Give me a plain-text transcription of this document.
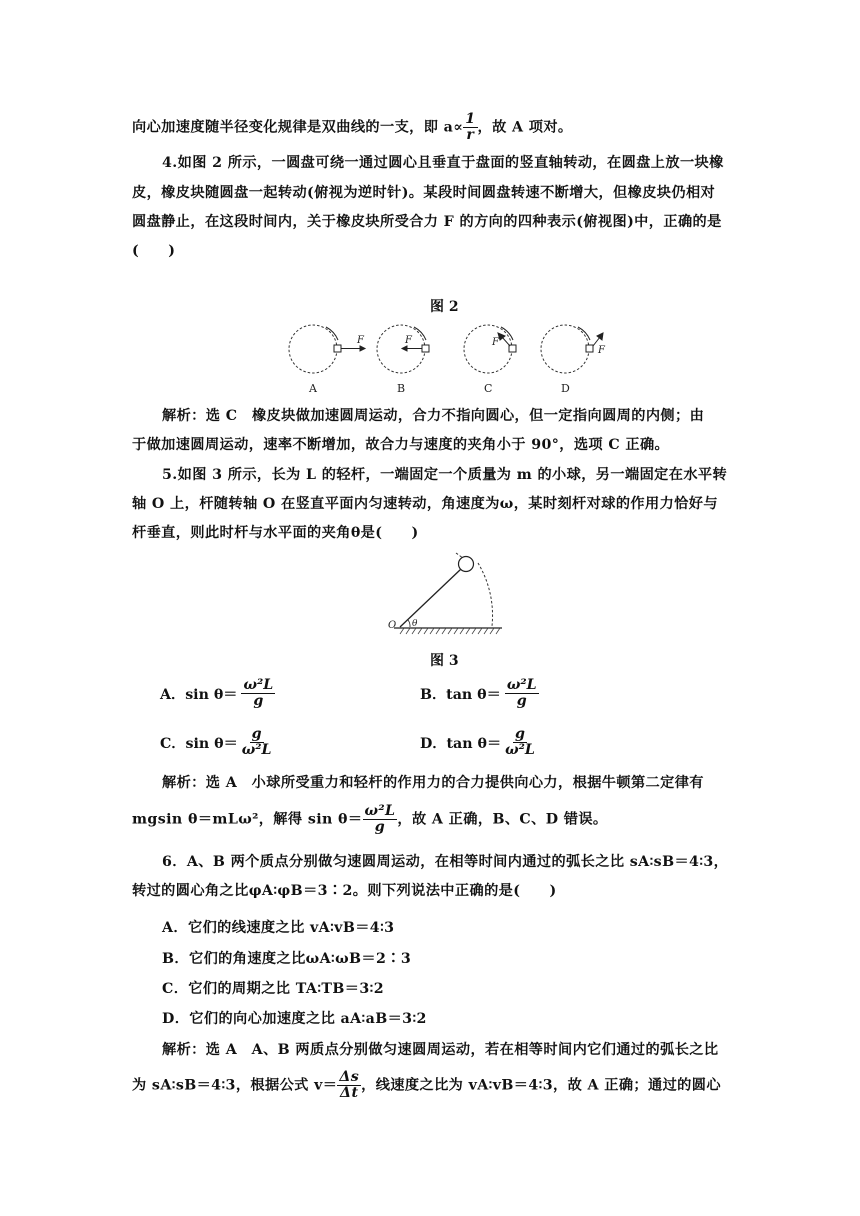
向心加速度随半径变化规律是双曲线的一支，即 $a\propto \frac{1}{r}$ ，故 A 项对。
4.如图 2 所示，一圆盘可绕一通过圆心且垂直于盘面的竖直轴转动，在圆盘上放一块橡
皮，橡皮块随圆盘一起转动(俯视为逆时针)。某段时间圆盘转速不断增大，但橡皮块仍相对
圆盘静止，在这段时间内，关于橡皮块所受合力 F 的方向的四种表示(俯视图)中，正确的是
(　　)
图 2
F	F	F
F
A	B	C	D
解析：选 C　橡皮块做加速圆周运动，合力不指向圆心，但一定指向圆周的内侧；由
于做加速圆周运动，速率不断增加，故合力与速度的夹角小于 90°，选项 C 正确。
5.如图 3 所示，长为 L 的轻杆，一端固定一个质量为 m 的小球，另一端固定在水平转
轴 O 上，杆随转轴 O 在竖直平面内匀速转动，角速度为ω，某时刻杆对球的作用力恰好与
杆垂直，则此时杆与水平面的夹角θ是(　　)
O θ
图 3
A．$\sin \theta= \frac{\text{ω²L}}{g}$	B．$\tan \theta= \frac{\text{ω²L}}{g}$
C．$\sin \theta= \frac{g}{\text{ω²L}}$	D．$\tan \theta= \frac{g}{\text{ω²L}}$
解析：选 A　小球所受重力和轻杆的作用力的合力提供向心力，根据牛顿第二定律有
mgsin θ＝mLω²，解得 $\sin \theta= \frac{\text{ω²L}}{g}$ ，故 A 正确，B、C、D 错误。
6．A、B 两个质点分别做匀速圆周运动，在相等时间内通过的弧长之比 sA∶sB＝4∶3，
转过的圆心角之比φA∶φB＝3∶2。则下列说法中正确的是(　　)
A．它们的线速度之比 vA∶vB＝4∶3
B．它们的角速度之比ωA∶ωB＝2∶3
C．它们的周期之比 TA∶TB＝3∶2
D．它们的向心加速度之比 aA∶aB＝3∶2
解析：选 A　A、B 两质点分别做匀速圆周运动，若在相等时间内它们通过的弧长之比
为 sA∶sB＝4∶3，根据公式 $v= \frac{\Delta s}{\Delta t}$ ，线速度之比为 vA∶vB＝4∶3，故 A 正确；通过的圆心
